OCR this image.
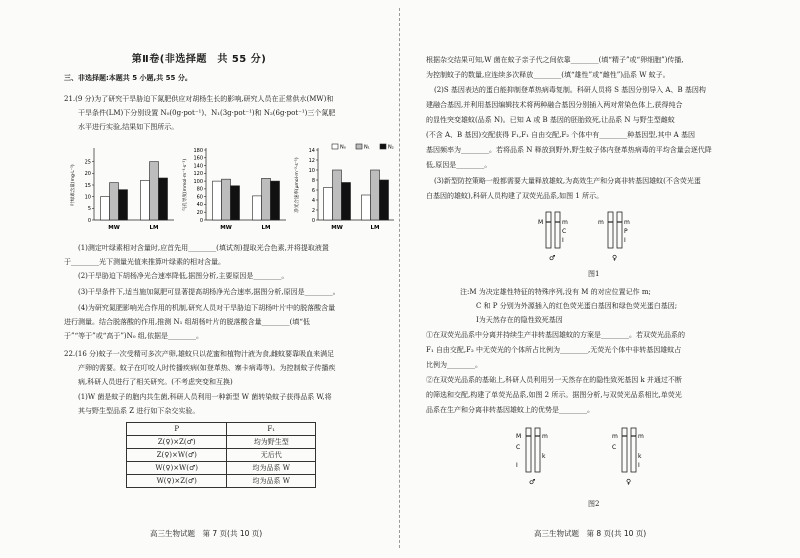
第Ⅱ卷(非选择题　共 55 分)
三、非选择题:本题共 5 小题,共 55 分。
21.(9 分)为了研究干旱胁迫下氮肥供应对胡杨生长的影响,研究人员在正常供水(MW)和
干旱条件(LM)下分别设置 N₀(0g·pot⁻¹)、N₁(3g·pot⁻¹)和 N₂(6g·pot⁻¹)三个氮肥
水平进行实验,结果如下图所示。
叶绿素含量(mg·L⁻¹)
0
5
10
15
20
25
MW	LM
气孔导度(mmol·m⁻²·s⁻¹)
0
20
40
60
80
100
120
140
160
180
MW	LM
净光合速率(μmol·m⁻²·s⁻¹)
0
2
4
6
8
10
12
14
MW	LM
N₀	N₁	N₂
(1)测定叶绿素相对含量时,应首先用________(填试剂)提取光合色素,并将提取液置
于________光下测量光值来推算叶绿素的相对含量。
(2)干旱胁迫下胡杨净光合速率降低,据图分析,主要原因是________。
(3)干旱条件下,适当施加氮肥可显著提高胡杨净光合速率,据图分析,原因是________。
(4)为研究氮肥影响光合作用的机制,研究人员对干旱胁迫下胡杨叶片中的脱落酸含量
进行测量。结合脱落酸的作用,推测 N₁ 组胡杨叶片的脱落酸含量________(填“低
于”“等于”或“高于”)N₀ 组,依据是________。
22.(16 分)蚊子一次受精可多次产卵,雄蚊只以花蜜和植物汁液为食,雌蚊要靠吸血来满足
产卵的需要。蚊子在叮咬人时传播疾病(如登革热、寨卡病毒等)。为控制蚊子传播疾
病,科研人员进行了相关研究。(不考虑突变和互换)
(1)W 菌是蚊子的胞内共生菌,科研人员利用一种新型 W 菌转染蚊子获得品系 W,将
其与野生型品系 Z 进行如下杂交实验。
P	F₁
Z(♀)×Z(♂)	均为野生型
Z(♀)×W(♂)	无后代
W(♀)×W(♂)	均为品系 W
W(♀)×Z(♂)	均为品系 W
高三生物试题　第 7 页(共 10 页)
根据杂交结果可知,W 菌在蚊子亲子代之间依靠________(填“精子”或“卵细胞”)传播,
为控制蚊子的数量,应连续多次释放________(填“雄性”或“雌性”)品系 W 蚊子。
(2)S 基因表达的蛋白能抑制登革热病毒复制。科研人员将 S 基因分别导入 A、B 基因构
建融合基因,并利用基因编辑技术将两种融合基因分别插入两对常染色体上,获得纯合
的显性突变雄蚊(品系 N)。已知 A 或 B 基因的胚胎致死,让品系 N 与野生型雌蚊
(不含 A、B 基因)交配获得 F₁,F₁ 自由交配,F₂ 个体中有________种基因型,其中 A 基因
基因频率为________。若将品系 N 释放到野外,野生蚊子体内登革热病毒的平均含量会逐代降
低,原因是________。
(3)新型防控策略一般都需要大量释放雄蚊,为高效生产和分离非转基因雄蚊(不含荧光蛋
白基因的雄蚊),科研人员构建了双荧光品系,如图 1 所示。
M	m
C
I
♂
m	m
P
I
♀
图1
注:M 为决定雄性特征的特殊序列,没有 M 的对应位置记作 m;
C 和 P 分别为外源插入的红色荧光蛋白基因和绿色荧光蛋白基因;
Ⅰ为天然存在的隐性致死基因
①在双荧光品系中分离并持续生产非转基因雄蚊的方案是________。若双荧光品系的
F₁ 自由交配,F₂ 中无荧光的个体所占比例为________,无荧光个体中非转基因雄蚊占
比例为________。
②在双荧光品系的基础上,科研人员利用另一天然存在的隐性致死基因 k 并通过不断
的筛选和交配,构建了单荧光品系,如图 2 所示。据图分析,与双荧光品系相比,单荧光
品系在生产和分离非转基因雄蚊上的优势是________。
M	m
C
k
I
♂
m	m
C
k
I
♀
图2
高三生物试题　第 8 页(共 10 页)
